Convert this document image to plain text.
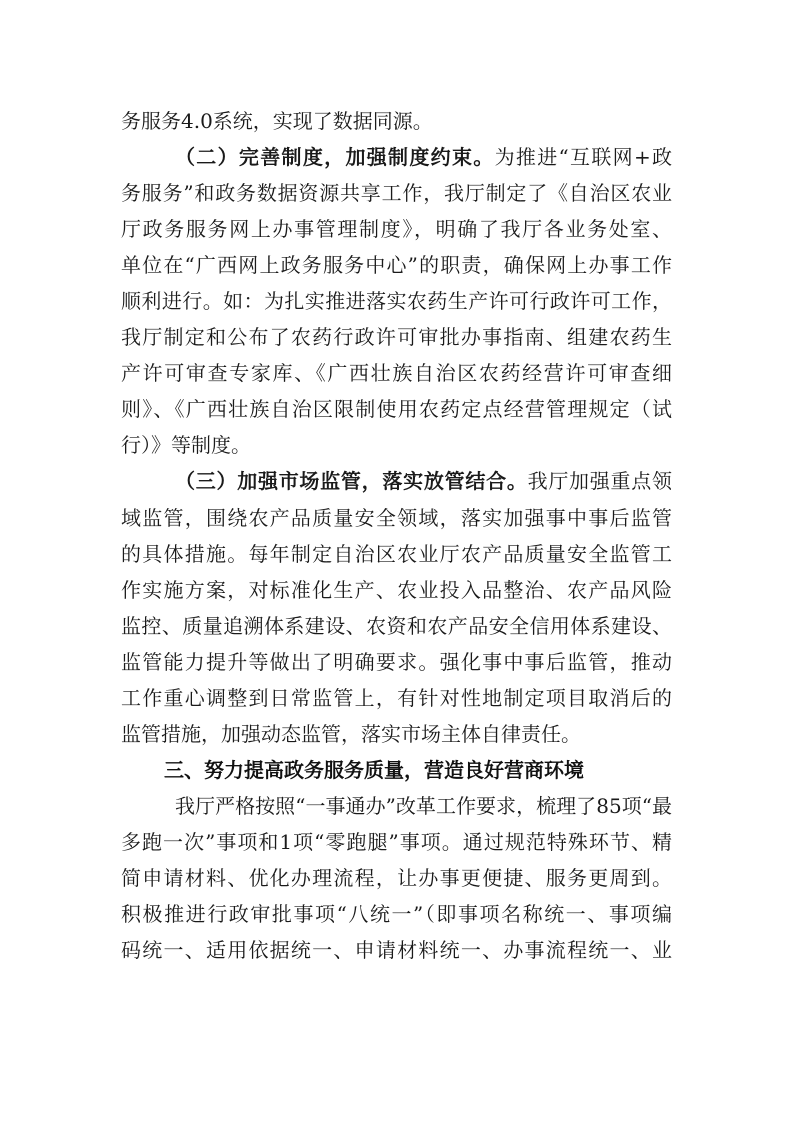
务服务4.0系统，实现了数据同源。
（二）完善制度，加强制度约束。为推进“互联网+政
务服务”和政务数据资源共享工作，我厅制定了《自治区农业
厅政务服务网上办事管理制度》，明确了我厅各业务处室、
单位在“广西网上政务服务中心”的职责，确保网上办事工作
顺利进行。如：为扎实推进落实农药生产许可行政许可工作，
我厅制定和公布了农药行政许可审批办事指南、组建农药生
产许可审查专家库、《广西壮族自治区农药经营许可审查细
则》、《广西壮族自治区限制使用农药定点经营管理规定（试
行）》等制度。
（三）加强市场监管，落实放管结合。我厅加强重点领
域监管，围绕农产品质量安全领域，落实加强事中事后监管
的具体措施。每年制定自治区农业厅农产品质量安全监管工
作实施方案，对标准化生产、农业投入品整治、农产品风险
监控、质量追溯体系建设、农资和农产品安全信用体系建设、
监管能力提升等做出了明确要求。强化事中事后监管，推动
工作重心调整到日常监管上，有针对性地制定项目取消后的
监管措施，加强动态监管，落实市场主体自律责任。
三、努力提高政务服务质量，营造良好营商环境
我厅严格按照“一事通办”改革工作要求，梳理了85项“最
多跑一次”事项和1项“零跑腿”事项。通过规范特殊环节、精
简申请材料、优化办理流程，让办事更便捷、服务更周到。
积极推进行政审批事项“八统一”（即事项名称统一、事项编
码统一、适用依据统一、申请材料统一、办事流程统一、业
